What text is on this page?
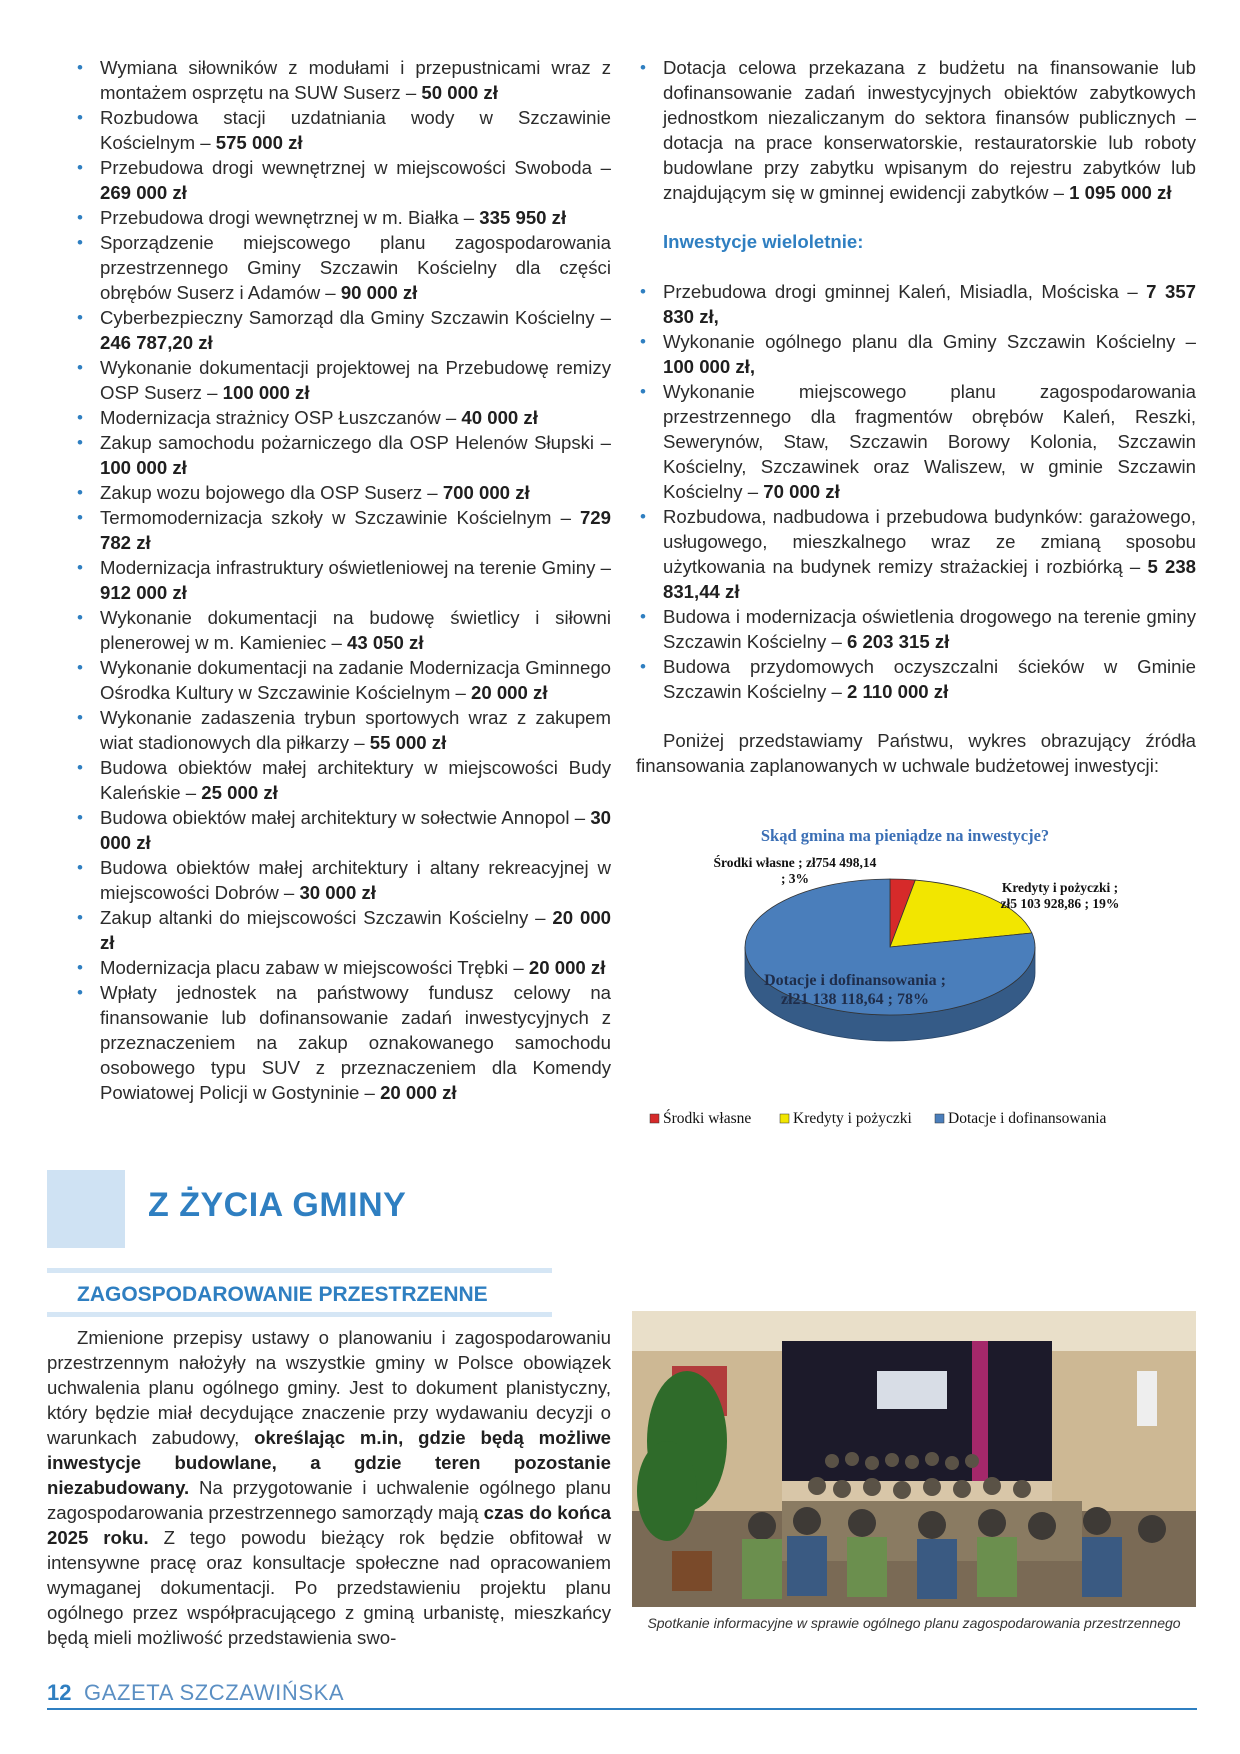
• Wymiana siłowników z modułami i przepustnicami wraz z montażem osprzętu na SUW Suserz – 50 000 zł
• Rozbudowa stacji uzdatniania wody w Szczawinie Kościelnym – 575 000 zł
• Przebudowa drogi wewnętrznej w miejscowości Swoboda – 269 000 zł
• Przebudowa drogi wewnętrznej w m. Białka – 335 950 zł
• Sporządzenie miejscowego planu zagospodarowania przestrzennego Gminy Szczawin Kościelny dla części obrębów Suserz i Adamów – 90 000 zł
• Cyberbezpieczny Samorząd dla Gminy Szczawin Kościelny – 246 787,20 zł
• Wykonanie dokumentacji projektowej na Przebudowę remizy OSP Suserz – 100 000 zł
• Modernizacja strażnicy OSP Łuszczanów – 40 000 zł
• Zakup samochodu pożarniczego dla OSP Helenów Słupski – 100 000 zł
• Zakup wozu bojowego dla OSP Suserz – 700 000 zł
• Termomodernizacja szkoły w Szczawinie Kościelnym – 729 782 zł
• Modernizacja infrastruktury oświetleniowej na terenie Gminy – 912 000 zł
• Wykonanie dokumentacji na budowę świetlicy i siłowni plenerowej w m. Kamieniec – 43 050 zł
• Wykonanie dokumentacji na zadanie Modernizacja Gminnego Ośrodka Kultury w Szczawinie Kościelnym – 20 000 zł
• Wykonanie zadaszenia trybun sportowych wraz z zakupem wiat stadionowych dla piłkarzy – 55 000 zł
• Budowa obiektów małej architektury w miejscowości Budy Kaleńskie – 25 000 zł
• Budowa obiektów małej architektury w sołectwie Annopol – 30 000 zł
• Budowa obiektów małej architektury i altany rekreacyjnej w miejscowości Dobrów – 30 000 zł
• Zakup altanki do miejscowości Szczawin Kościelny – 20 000 zł
• Modernizacja placu zabaw w miejscowości Trębki – 20 000 zł
• Wpłaty jednostek na państwowy fundusz celowy na finansowanie lub dofinansowanie zadań inwestycyjnych z przeznaczeniem na zakup oznakowanego samochodu osobowego typu SUV z przeznaczeniem dla Komendy Powiatowej Policji w Gostyninie – 20 000 zł
• Dotacja celowa przekazana z budżetu na finansowanie lub dofinansowanie zadań inwestycyjnych obiektów zabytkowych jednostkom niezaliczanym do sektora finansów publicznych – dotacja na prace konserwatorskie, restauratorskie lub roboty budowlane przy zabytku wpisanym do rejestru zabytków lub znajdującym się w gminnej ewidencji zabytków – 1 095 000 zł
Inwestycje wieloletnie:
• Przebudowa drogi gminnej Kaleń, Misiadla, Mościska – 7 357 830 zł,
• Wykonanie ogólnego planu dla Gminy Szczawin Kościelny – 100 000 zł,
• Wykonanie miejscowego planu zagospodarowania przestrzennego dla fragmentów obrębów Kaleń, Reszki, Sewerynów, Staw, Szczawin Borowy Kolonia, Szczawin Kościelny, Szczawinek oraz Waliszew, w gminie Szczawin Kościelny – 70 000 zł
• Rozbudowa, nadbudowa i przebudowa budynków: garażowego, usługowego, mieszkalnego wraz ze zmianą sposobu użytkowania na budynek remizy strażackiej i rozbiórką – 5 238 831,44 zł
• Budowa i modernizacja oświetlenia drogowego na terenie gminy Szczawin Kościelny – 6 203 315 zł
• Budowa przydomowych oczyszczalni ścieków w Gminie Szczawin Kościelny – 2 110 000 zł

Poniżej przedstawiamy Państwu, wykres obrazujący źródła finansowania zaplanowanych w uchwale budżetowej inwestycji:

Skąd gmina ma pieniądze na inwestycje?
Środki własne ; zł754 498,14
; 3%
Kredyty i pożyczki ;
zł5 103 928,86 ; 19%
Dotacje i dofinansowania ;
zł21 138 118,64 ; 78%
Środki własne	Kredyty i pożyczki Dotacje i dofinansowania
Z ŻYCIA GMINY
ZAGOSPODAROWANIE PRZESTRZENNE

Zmienione przepisy ustawy o planowaniu i zagospodarowaniu przestrzennym nałożyły na wszystkie gminy w Polsce obowiązek uchwalenia planu ogólnego gminy. Jest to dokument planistyczny, który będzie miał decydujące znaczenie przy wydawaniu decyzji o warunkach zabudowy, określając m.in, gdzie będą możliwe inwestycje budowlane, a gdzie teren pozostanie niezabudowany. Na przygotowanie i uchwalenie ogólnego planu zagospodarowania przestrzennego samorządy mają czas do końca 2025 roku. Z tego powodu bieżący rok będzie obfitował w intensywne pracę oraz konsultacje społeczne nad opracowaniem wymaganej dokumentacji. Po przedstawieniu projektu planu ogólnego przez współpracującego z gminą urbanistę, mieszkańcy będą mieli możliwość przedstawienia swo-

Spotkanie informacyjne w sprawie ogólnego planu zagospodarowania przestrzennego
12 GAZETA SZCZAWIŃSKA
